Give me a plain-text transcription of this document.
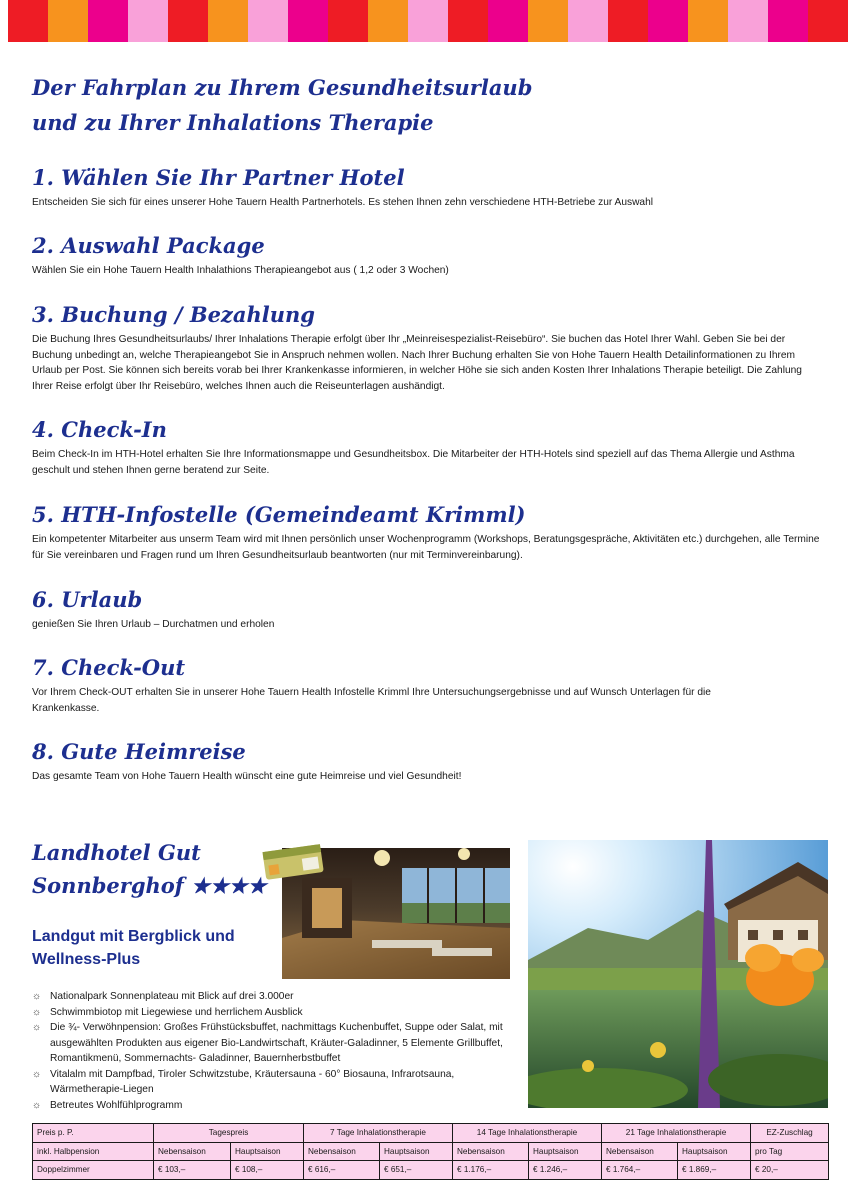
Der Fahrplan zu Ihrem Gesundheitsurlaub
und zu Ihrer Inhalations Therapie
1. Wählen Sie Ihr Partner Hotel

Entscheiden Sie sich für eines unserer Hohe Tauern Health Partnerhotels. Es stehen Ihnen zehn verschiedene HTH-Betriebe zur Auswahl

2. Auswahl Package

Wählen Sie ein Hohe Tauern Health Inhalathions Therapieangebot aus ( 1,2 oder 3 Wochen)

3. Buchung / Bezahlung

Die Buchung Ihres Gesundheitsurlaubs/ Ihrer Inhalations Therapie erfolgt über Ihr „Meinreisespezialist-Reisebüro“. Sie buchen das Hotel Ihrer Wahl. Geben Sie bei der Buchung unbedingt an, welche Therapieangebot Sie in Anspruch nehmen wollen. Nach Ihrer Buchung erhalten Sie von Hohe Tauern Health Detailinformationen zu Ihrem Urlaub per Post. Sie können sich bereits vorab bei Ihrer Krankenkasse informieren, in welcher Höhe sie sich anden Kosten Ihrer Inhalations Therapie beteiligt. Die Zahlung Ihrer Reise erfolgt über Ihr Reisebüro, welches Ihnen auch die Reiseunterlagen aushändigt.

4. Check-In

Beim Check-In im HTH-Hotel erhalten Sie Ihre Informationsmappe und Gesundheitsbox. Die Mitarbeiter der HTH-Hotels sind speziell auf das Thema Allergie und Asthma geschult und stehen Ihnen gerne beratend zur Seite.

5. HTH-Infostelle (Gemeindeamt Krimml)

Ein kompetenter Mitarbeiter aus unserm Team wird mit Ihnen persönlich unser Wochenprogramm (Workshops, Beratungsgespräche, Aktivitäten etc.) durchgehen, alle Termine für Sie vereinbaren und Fragen rund um Ihren Gesundheitsurlaub beantworten (nur mit Terminvereinbarung).

6. Urlaub

genießen Sie Ihren Urlaub – Durchatmen und erholen

7. Check-Out

Vor Ihrem Check-OUT erhalten Sie in unserer Hohe Tauern Health Infostelle Krimml Ihre Untersuchungsergebnisse und auf Wunsch Unterlagen für die Krankenkasse.

8. Gute Heimreise

Das gesamte Team von Hohe Tauern Health wünscht eine gute Heimreise und viel Gesundheit!

Landhotel Gut
Sonnberghof ★★★★
Landgut mit Bergblick und
Wellness-Plus
☼ Nationalpark Sonnenplateau mit Blick auf drei 3.000er
☼ Schwimmbiotop mit Liegewiese und herrlichem Ausblick
☼ Die ¾- Verwöhnpension: Großes Frühstücksbuffet, nachmittags Kuchenbuffet, Suppe oder Salat, mit ausgewählten Produkten aus eigener Bio-Landwirtschaft, Kräuter-Galadinner, 5 Elemente Grillbuffet, Romantikmenü, Sommernachts- Galadinner, Bauernherbstbuffet
☼ Vitalalm mit Dampfbad, Tiroler Schwitzstube, Kräutersauna - 60° Biosauna, Infrarotsauna, Wärmetherapie-Liegen
☼ Betreutes Wohlfühlprogramm
Preis p. P.	Tagespreis		7 Tage Inhalationstherapie		14 Tage Inhalationstherapie		21 Tage Inhalationstherapie		EZ-Zuschlag
inkl. Halbpension	Nebensaison	Hauptsaison	Nebensaison	Hauptsaison	Nebensaison	Hauptsaison	Nebensaison	Hauptsaison	pro Tag
Doppelzimmer	€ 103,–	€ 108,–	€ 616,–	€ 651,–	€ 1.176,–	€ 1.246,–	€ 1.764,–	€ 1.869,–	€ 20,–
